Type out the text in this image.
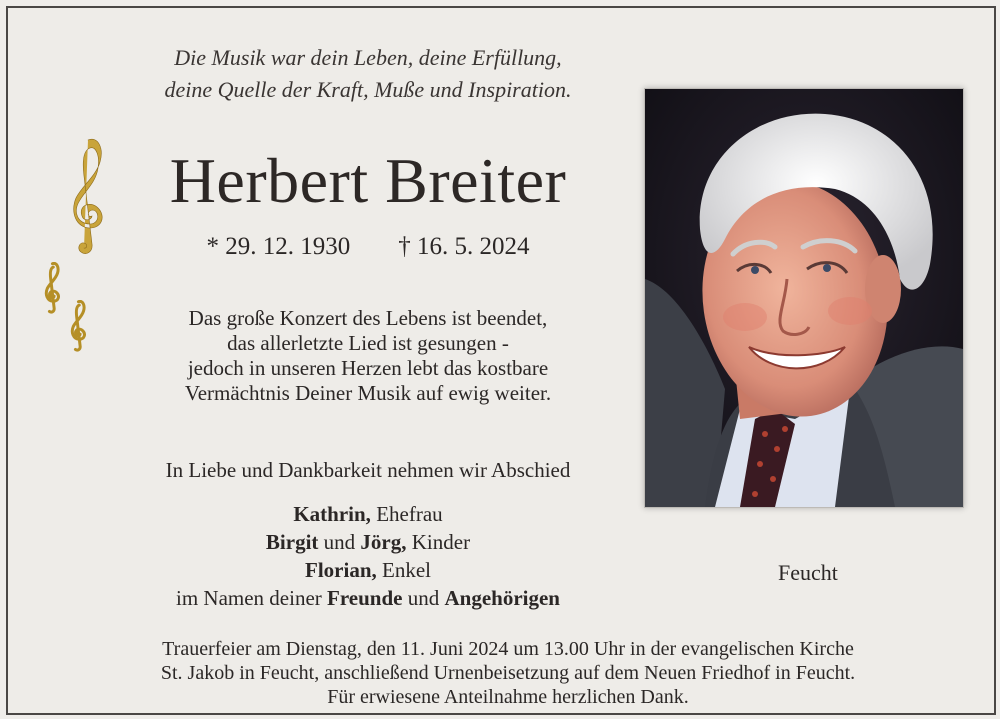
Die Musik war dein Leben, deine Erfüllung,
deine Quelle der Kraft, Muße und Inspiration.
Herbert Breiter
* 29. 12. 1930 † 16. 5. 2024
Das große Konzert des Lebens ist beendet,
das allerletzte Lied ist gesungen -
jedoch in unseren Herzen lebt das kostbare
Vermächtnis Deiner Musik auf ewig weiter.
In Liebe und Dankbarkeit nehmen wir Abschied
Kathrin, Ehefrau
Birgit und Jörg, Kinder
Florian, Enkel
im Namen deiner Freunde und Angehörigen
Feucht
Trauerfeier am Dienstag, den 11. Juni 2024 um 13.00 Uhr in der evangelischen Kirche
St. Jakob in Feucht, anschließend Urnenbeisetzung auf dem Neuen Friedhof in Feucht.
Für erwiesene Anteilnahme herzlichen Dank.
